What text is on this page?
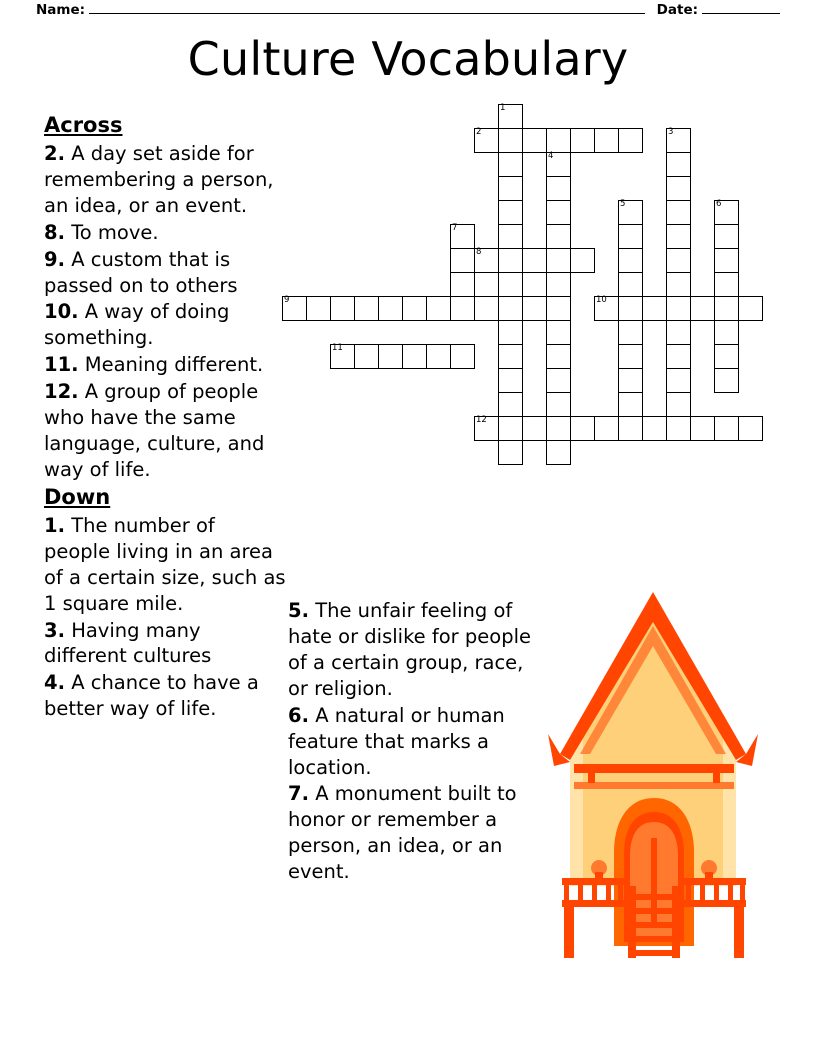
Name:	Date:
Culture Vocabulary
Across

2. A day set aside for remembering a person, an idea, or an event.

8. To move.

9. A custom that is passed on to others

10. A way of doing something.

11. Meaning different.

12. A group of people who have the same language, culture, and way of life.

Down

1. The number of people living in an area of a certain size, such as 1 square mile.

3. Having many different cultures

4. A chance to have a better way of life.

5. The unfair feeling of hate or dislike for people of a certain group, race, or religion.

6. A natural or human feature that marks a location.

7. A monument built to honor or remember a person, an idea, or an event.

1
2	3
4
5	6
7
8
9	10
11
12
